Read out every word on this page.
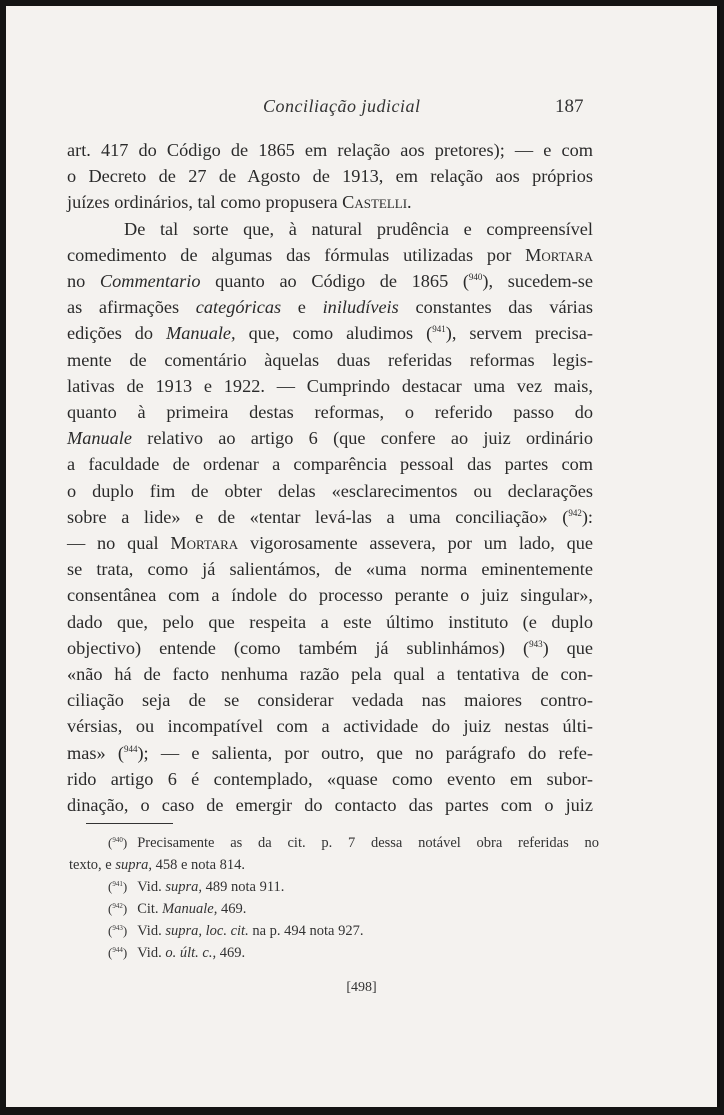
Conciliação judicial	187
art. 417 do Código de 1865 em relação aos pretores); — e com
o Decreto de 27 de Agosto de 1913, em relação aos próprios
juízes ordinários, tal como propusera Castelli.
De tal sorte que, à natural prudência e compreensível
comedimento de algumas das fórmulas utilizadas por Mortara
no Commentario quanto ao Código de 1865 ($^{940}$), sucedem-se
as afirmações categóricas e iniludíveis constantes das várias
edições do Manuale, que, como aludimos ($^{941}$), servem precisa-
mente de comentário àquelas duas referidas reformas legis-
lativas de 1913 e 1922. — Cumprindo destacar uma vez mais,
quanto à primeira destas reformas, o referido passo do
Manuale relativo ao artigo 6 (que confere ao juiz ordinário
a faculdade de ordenar a comparência pessoal das partes com
o duplo fim de obter delas «esclarecimentos ou declarações
sobre a lide» e de «tentar levá-las a uma conciliação» ($^{942}$):
— no qual Mortara vigorosamente assevera, por um lado, que
se trata, como já salientámos, de «uma norma eminentemente
consentânea com a índole do processo perante o juiz singular»,
dado que, pelo que respeita a este último instituto (e duplo
objectivo) entende (como também já sublinhámos) ($^{943}$) que
«não há de facto nenhuma razão pela qual a tentativa de con-
ciliação seja de se considerar vedada nas maiores contro-
vérsias, ou incompatível com a actividade do juiz nestas últi-
mas» ($^{944}$); — e salienta, por outro, que no parágrafo do refe-
rido artigo 6 é contemplado, «quase como evento em subor-
dinação, o caso de emergir do contacto das partes com o juiz
($^{940}$) Precisamente as da cit. p. 7 dessa notável obra referidas no
texto, e supra, 458 e nota 814.
($^{941}$) Vid. supra, 489 nota 911.
($^{942}$) Cit. Manuale, 469.
($^{943}$) Vid. supra, loc. cit. na p. 494 nota 927.
($^{944}$) Vid. o. últ. c., 469.
[498]
